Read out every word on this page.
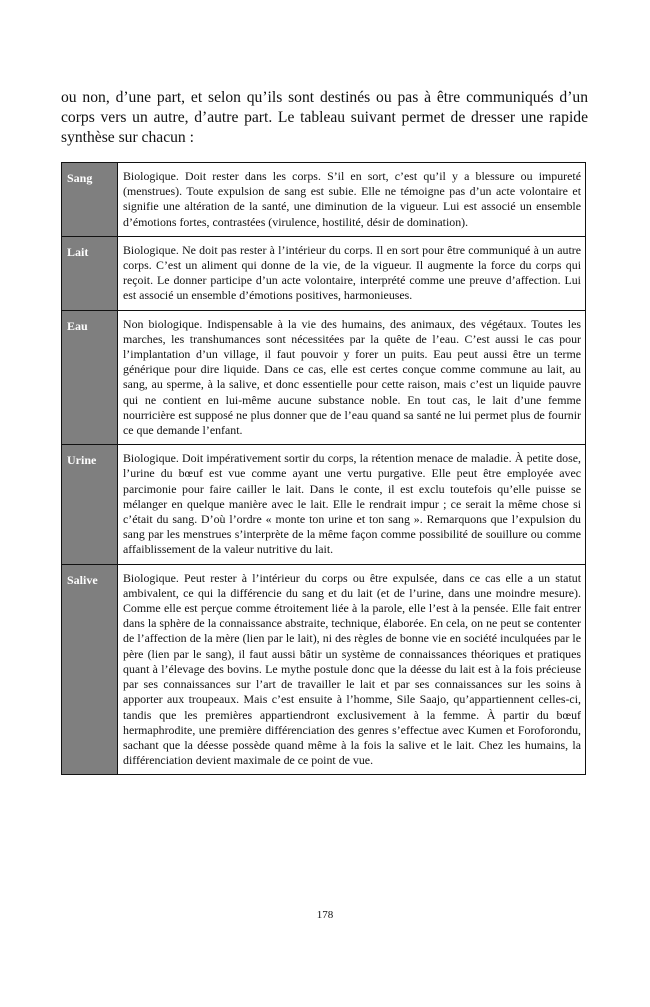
ou non, d’une part, et selon qu’ils sont destinés ou pas à être communiqués d’un
corps vers un autre, d’autre part. Le tableau suivant permet de dresser une rapide
synthèse sur chacun :
Sang	Biologique. Doit rester dans les corps. S’il en sort, c’est qu’il y a blessure ou impureté (menstrues). Toute expulsion de sang est subie. Elle ne témoigne pas d’un acte volontaire et signifie une altération de la santé, une diminution de la vigueur. Lui est associé un ensemble d’émotions fortes, contrastées (virulence, hostilité, désir de domination).
Lait	Biologique. Ne doit pas rester à l’intérieur du corps. Il en sort pour être communiqué à un autre corps. C’est un aliment qui donne de la vie, de la vigueur. Il augmente la force du corps qui reçoit. Le donner participe d’un acte volontaire, interprété comme une preuve d’affection. Lui est associé un ensemble d’émotions positives, harmonieuses.
Eau	Non biologique. Indispensable à la vie des humains, des animaux, des végétaux. Toutes les marches, les transhumances sont nécessitées par la quête de l’eau. C’est aussi le cas pour l’implantation d’un village, il faut pouvoir y forer un puits. Eau peut aussi être un terme générique pour dire liquide. Dans ce cas, elle est certes conçue comme commune au lait, au sang, au sperme, à la salive, et donc essentielle pour cette raison, mais c’est un liquide pauvre qui ne contient en lui-même aucune substance noble. En tout cas, le lait d’une femme nourricière est supposé ne plus donner que de l’eau quand sa santé ne lui permet plus de fournir ce que demande l’enfant.
Urine	Biologique. Doit impérativement sortir du corps, la rétention menace de maladie. À petite dose, l’urine du bœuf est vue comme ayant une vertu purgative. Elle peut être employée avec parcimonie pour faire cailler le lait. Dans le conte, il est exclu toutefois qu’elle puisse se mélanger en quelque manière avec le lait. Elle le rendrait impur ; ce serait la même chose si c’était du sang. D’où l’ordre « monte ton urine et ton sang ». Remarquons que l’expulsion du sang par les menstrues s’interprète de la même façon comme possibilité de souillure ou comme affaiblissement de la valeur nutritive du lait.
Salive	Biologique. Peut rester à l’intérieur du corps ou être expulsée, dans ce cas elle a un statut ambivalent, ce qui la différencie du sang et du lait (et de l’urine, dans une moindre mesure). Comme elle est perçue comme étroitement liée à la parole, elle l’est à la pensée. Elle fait entrer dans la sphère de la connaissance abstraite, technique, élaborée. En cela, on ne peut se contenter de l’affection de la mère (lien par le lait), ni des règles de bonne vie en société inculquées par le père (lien par le sang), il faut aussi bâtir un système de connaissances théoriques et pratiques quant à l’élevage des bovins. Le mythe postule donc que la déesse du lait est à la fois précieuse par ses connaissances sur l’art de travailler le lait et par ses connaissances sur les soins à apporter aux troupeaux. Mais c’est ensuite à l’homme, Sile Saajo, qu’appartiennent celles-ci, tandis que les premières appartiendront exclusivement à la femme. À partir du bœuf hermaphrodite, une première différenciation des genres s’effectue avec Kumen et Foroforondu, sachant que la déesse possède quand même à la fois la salive et le lait. Chez les humains, la différenciation devient maximale de ce point de vue.
178
